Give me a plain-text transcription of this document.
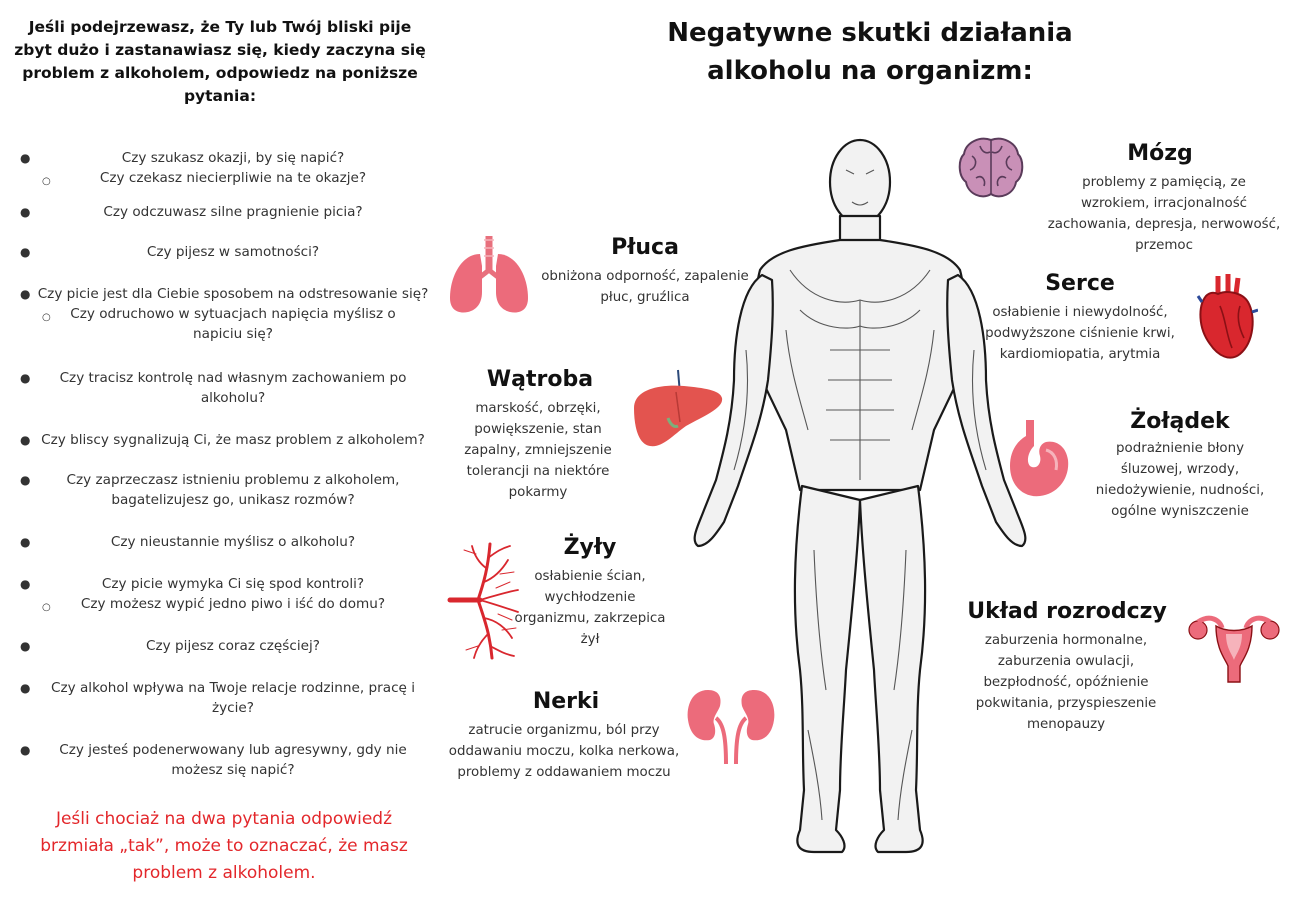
Jeśli podejrzewasz, że Ty lub Twój bliski pije zbyt dużo i zastanawiasz się, kiedy zaczyna się problem z alkoholem, odpowiedz na poniższe pytania:
●	Czy szukasz okazji, by się napić?
○	Czy czekasz niecierpliwie na te okazje?
●	Czy odczuwasz silne pragnienie picia?
●	Czy pijesz w samotności?
● Czy picie jest dla Ciebie sposobem na odstresowanie się?
○	Czy odruchowo w sytuacjach napięcia myślisz o napiciu się?
●	Czy tracisz kontrolę nad własnym zachowaniem po alkoholu?
● Czy bliscy sygnalizują Ci, że masz problem z alkoholem?
●	Czy zaprzeczasz istnieniu problemu z alkoholem, bagatelizujesz go, unikasz rozmów?
●	Czy nieustannie myślisz o alkoholu?
●	Czy picie wymyka Ci się spod kontroli?
○	Czy możesz wypić jedno piwo i iść do domu?
●	Czy pijesz coraz częściej?
●	Czy alkohol wpływa na Twoje relacje rodzinne, pracę i życie?
●	Czy jesteś podenerwowany lub agresywny, gdy nie możesz się napić?
Jeśli chociaż na dwa pytania odpowiedź brzmiała „tak”, może to oznaczać, że masz problem z alkoholem.
Negatywne skutki działania alkoholu na organizm:
Płuca
obniżona odporność, zapalenie płuc, gruźlica
Wątroba
marskość, obrzęki, powiększenie, stan zapalny, zmniejszenie tolerancji na niektóre pokarmy
Żyły
osłabienie ścian, wychłodzenie organizmu, zakrzepica żył
Nerki
zatrucie organizmu, ból przy oddawaniu moczu, kolka nerkowa, problemy z oddawaniem moczu
Mózg
problemy z pamięcią, ze wzrokiem, irracjonalność zachowania, depresja, nerwowość, przemoc
Serce
osłabienie i niewydolność, podwyższone ciśnienie krwi, kardiomiopatia, arytmia
Żołądek
podrażnienie błony śluzowej, wrzody, niedożywienie, nudności, ogólne wyniszczenie
Układ rozrodczy
zaburzenia hormonalne, zaburzenia owulacji, bezpłodność, opóźnienie pokwitania, przyspieszenie menopauzy
